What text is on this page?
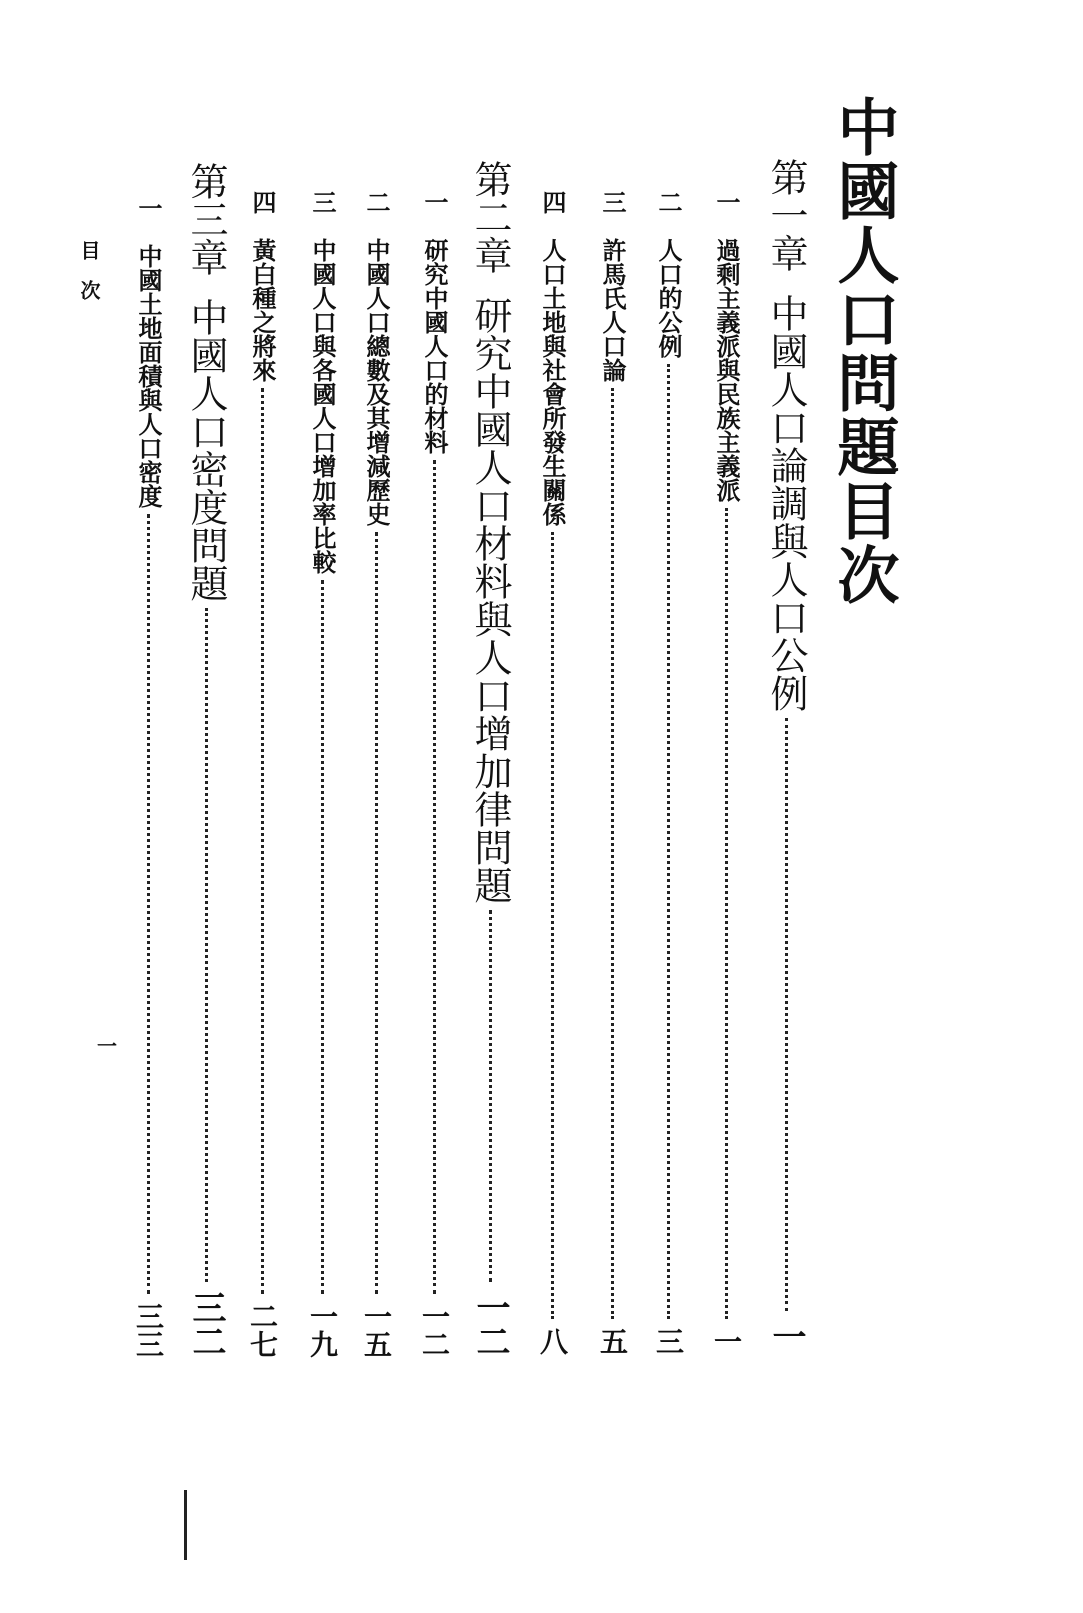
中國人口問題目次
第一章
中國人口論調與人口公例
一
一
過剩主義派與民族主義派
一
二
人口的公例
三
三
許馬氏人口論
五
四
人口土地與社會所發生關係
八
第二章
研究中國人口材料與人口增加律問題
一二
一
研究中國人口的材料
一二
二
中國人口總數及其增減歷史
一五
三
中國人口與各國人口增加率比較
一九
四
黃白種之將來
二七
第三章
中國人口密度問題
三二
一
中國土地面積與人口密度
三三
目　次
一
